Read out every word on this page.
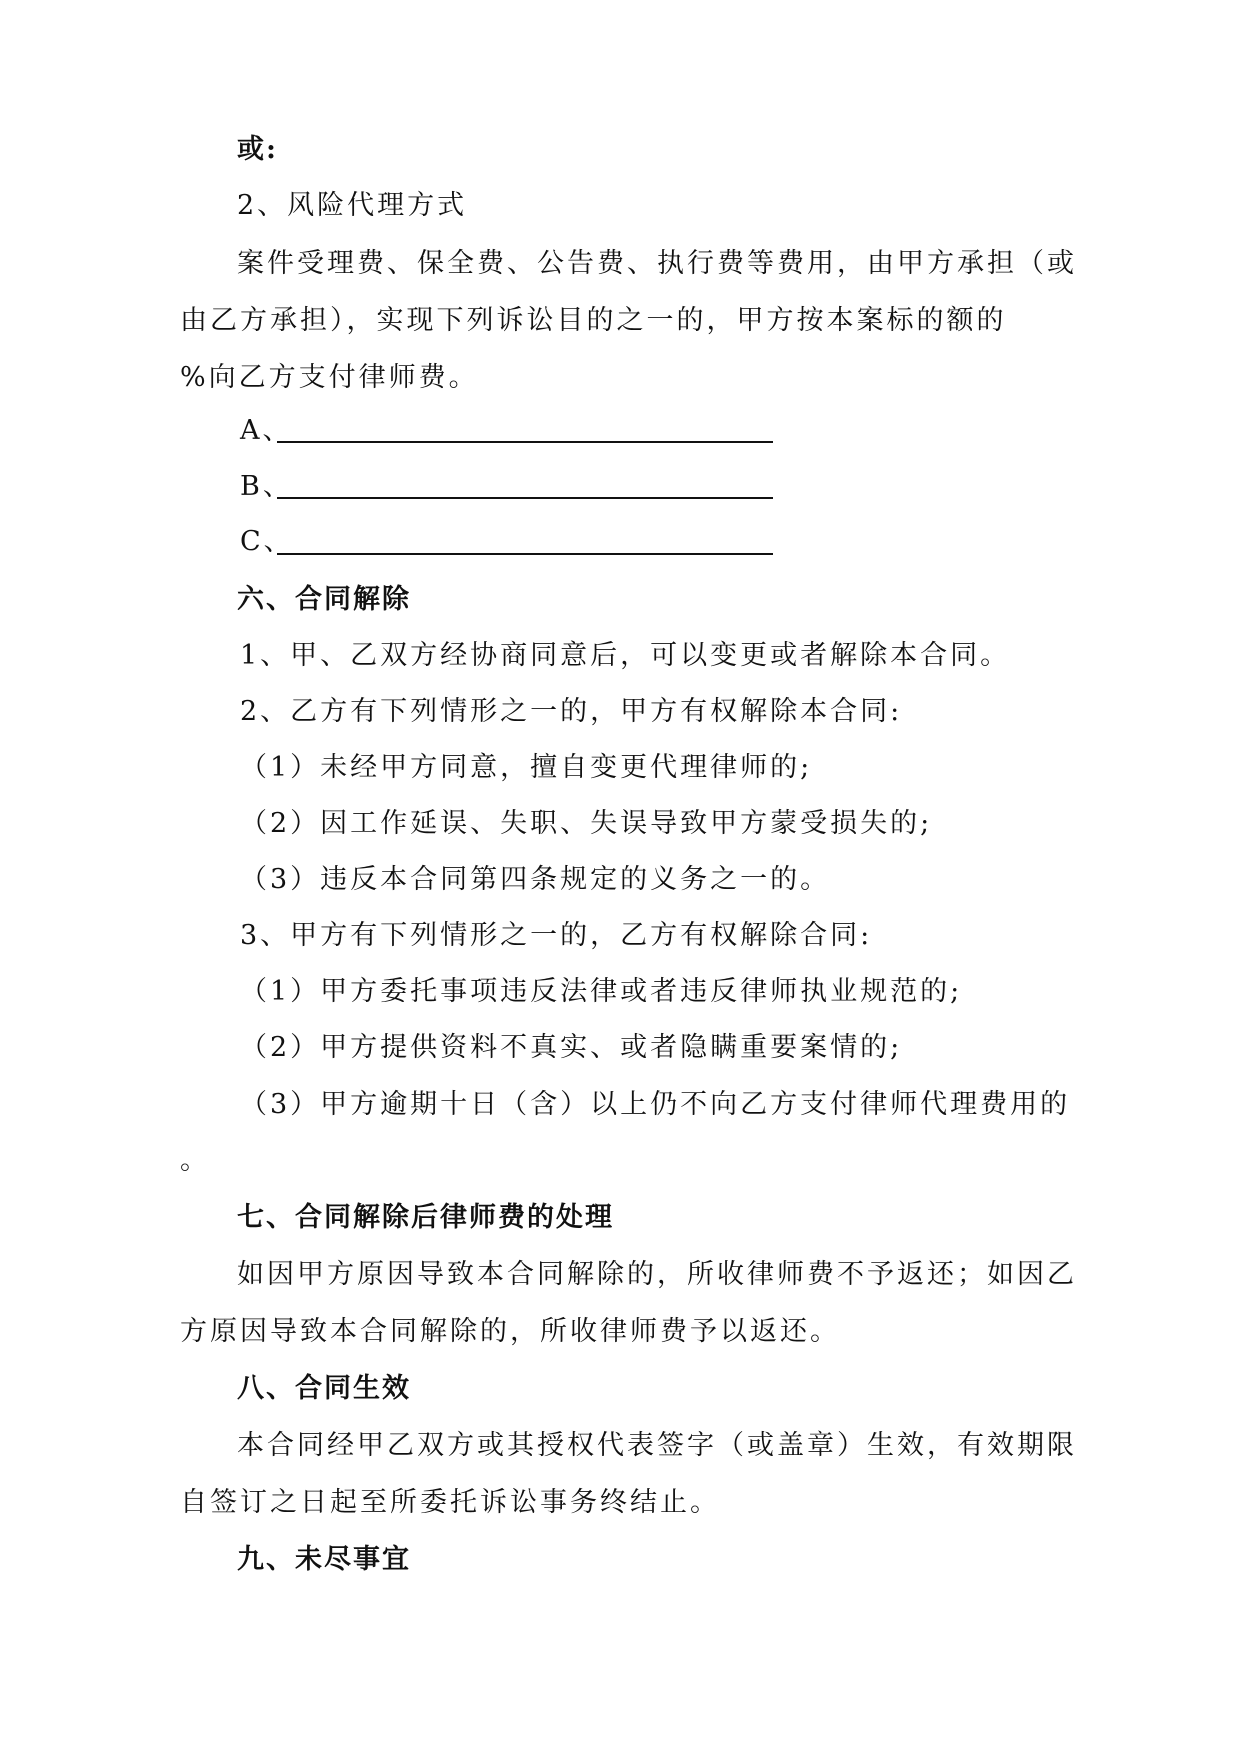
或:
2、风险代理方式
案件受理费、保全费、公告费、执行费等费用，由甲方承担（或
由乙方承担），实现下列诉讼目的之一的，甲方按本案标的额的
%向乙方支付律师费。
A、
B、
C、
六、合同解除
1、甲、乙双方经协商同意后，可以变更或者解除本合同。
2、乙方有下列情形之一的，甲方有权解除本合同:
（1）未经甲方同意，擅自变更代理律师的;
（2）因工作延误、失职、失误导致甲方蒙受损失的;
（3）违反本合同第四条规定的义务之一的。
3、甲方有下列情形之一的，乙方有权解除合同:
（1）甲方委托事项违反法律或者违反律师执业规范的;
（2）甲方提供资料不真实、或者隐瞒重要案情的;
（3）甲方逾期十日（含）以上仍不向乙方支付律师代理费用的
。
七、合同解除后律师费的处理
如因甲方原因导致本合同解除的，所收律师费不予返还；如因乙
方原因导致本合同解除的，所收律师费予以返还。
八、合同生效
本合同经甲乙双方或其授权代表签字（或盖章）生效，有效期限
自签订之日起至所委托诉讼事务终结止。
九、未尽事宜
